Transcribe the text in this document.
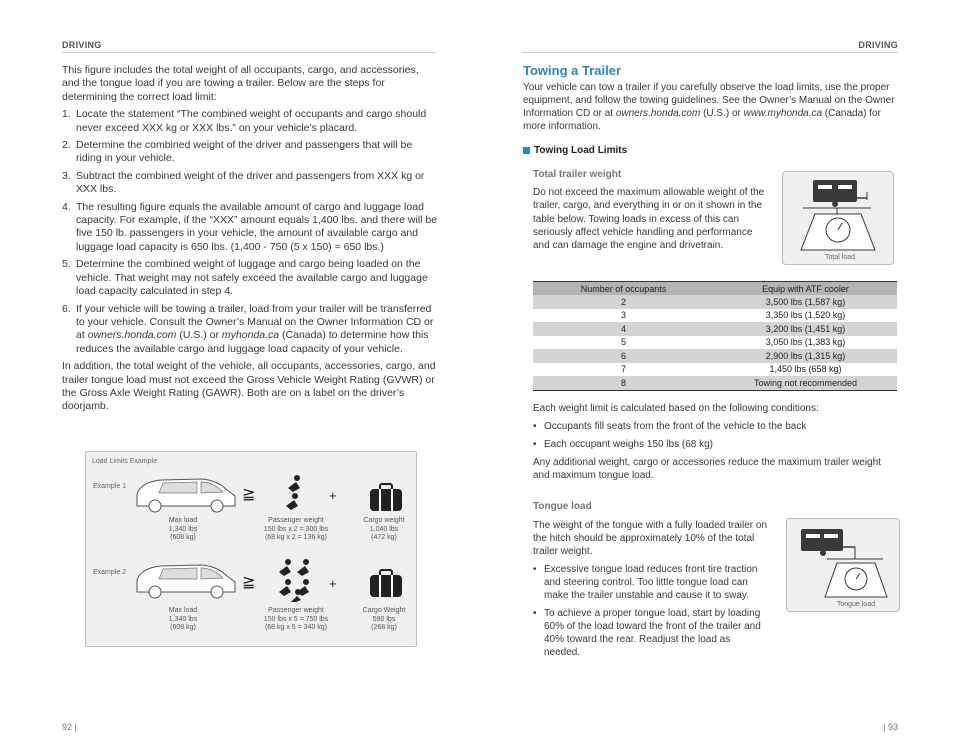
DRIVING

This figure includes the total weight of all occupants, cargo, and accessories, and the tongue load if you are towing a trailer. Below are the steps for determining the correct load limit:

1. Locate the statement “The combined weight of occupants and cargo should never exceed XXX kg or XXX lbs.” on your vehicle’s placard.
2. Determine the combined weight of the driver and passengers that will be riding in your vehicle.
3. Subtract the combined weight of the driver and passengers from XXX kg or XXX lbs.
4. The resulting figure equals the available amount of cargo and luggage load capacity. For example, if the “XXX” amount equals 1,400 lbs. and there will be five 150 lb. passengers in your vehicle, the amount of available cargo and luggage load capacity is 650 lbs. (1,400 - 750 (5 x 150) = 650 lbs.)
5. Determine the combined weight of luggage and cargo being loaded on the vehicle. That weight may not safely exceed the available cargo and luggage load capacity calculated in step 4.
6. If your vehicle will be towing a trailer, load from your trailer will be transferred to your vehicle. Consult the Owner’s Manual on the Owner Information CD or at owners.honda.com (U.S.) or myhonda.ca (Canada) to determine how this reduces the available cargo and luggage load capacity of your vehicle.

In addition, the total weight of the vehicle, all occupants, accessories, cargo, and trailer tongue load must not exceed the Gross Vehicle Weight Rating (GVWR) or the Gross Axle Weight Rating (GAWR). Both are on a label on the driver’s doorjamb.

Load Limits Example
Example 1	≧	+
Max load
1,340 lbs
(608 kg)
Passenger weight
150 lbs x 2 = 300 lbs
(68 kg x 2 = 136 kg)
Cargo weight
1,040 lbs
(472 kg)
Example 2
≧	+
Max load
1,340 lbs
(608 kg)
Passenger weight
150 lbs x 5 = 750 lbs
(68 kg x 5 = 340 kg)
Cargo Weight
590 lbs
(268 kg)
92 |
DRIVING
Towing a Trailer

Your vehicle can tow a trailer if you carefully observe the load limits, use the proper equipment, and follow the towing guidelines. See the Owner’s Manual on the Owner Information CD or at owners.honda.com (U.S.) or www.myhonda.ca (Canada) for more information.

Towing Load Limits
Total trailer weight

Do not exceed the maximum allowable weight of the trailer, cargo, and everything in or on it shown in the table below. Towing loads in excess of this can seriously affect vehicle handling and performance and can damage the engine and drivetrain.

Total load
Number of occupants	Equip with ATF cooler
2	3,500 lbs (1,587 kg)
3	3,350 lbs (1,520 kg)
4	3,200 lbs (1,451 kg)
5	3,050 lbs (1,383 kg)
6	2,900 lbs (1,315 kg)
7	1,450 lbs (658 kg)
8	Towing not recommended

Each weight limit is calculated based on the following conditions:

• Occupants fill seats from the front of the vehicle to the back
• Each occupant weighs 150 lbs (68 kg)

Any additional weight, cargo or accessories reduce the maximum trailer weight and maximum tongue load.

Tongue load

The weight of the tongue with a fully loaded trailer on the hitch should be approximately 10% of the total trailer weight.

• Excessive tongue load reduces front tire traction and steering control. Too little tongue load can make the trailer unstable and cause it to sway.
• To achieve a proper tongue load, start by loading 60% of the load toward the front of the trailer and 40% toward the rear. Readjust the load as needed.
Tongue load
| 93
